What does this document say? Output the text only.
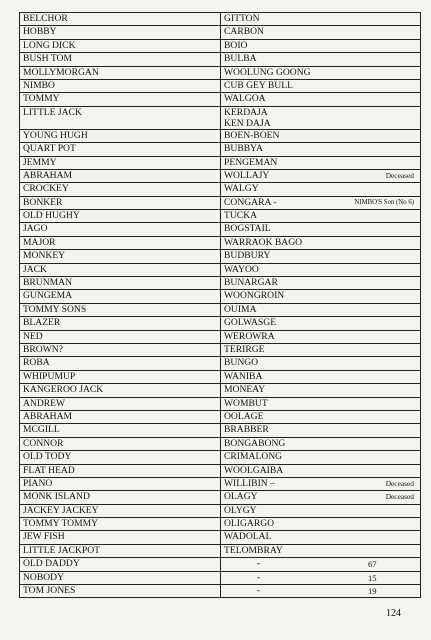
BELCHOR	GITTON

HOBBY	CARBON

LONG DICK	BOIO

BUSH TOM	BULBA

MOLLYMORGAN	WOOLUNG GOONG

NIMBO	CUB GEY BULL

TOMMY	WALGOA

LITTLE JACK	KERDAJA
KEN DAJA

YOUNG HUGH	BOEN-BOEN

QUART POT	BUBBYA

JEMMY	PENGEMAN

ABRAHAM	WOLLAJY Deceased

CROCKEY	WALGY

BONKER	CONGARA - NIMBO'S Son (No 6)

OLD HUGHY	TUCKA

JAGO	BOGSTAIL

MAJOR	WARRAOK BAGO

MONKEY	BUDBURY

JACK	WAYOO

BRUNMAN	BUNARGAR

GUNGEMA	WOONGROIN

TOMMY SONS	OUIMA

BLAZER	GOLWASGE

NED	WEROWRA

BROWN?	TERIRGE

ROBA	BUNGO

WHIPUMUP	WANIBA

KANGEROO JACK	MONEAY

ANDREW	WOMBUT

ABRAHAM	OOLAGE

MCGILL	BRABBER

CONNOR	BONGABONG

OLD TODY	CRIMALONG

FLAT HEAD	WOOLGAIBA

PIANO	WILLIBIN – Deceased

MONK ISLAND	OLAGY Deceased

JACKEY JACKEY	OLYGY

TOMMY TOMMY	OLIGARGO

JEW FISH	WADOLAL

LITTLE JACKPOT	TELOMBRAY

OLD DADDY	- 67

NOBODY	- 15

TOM JONES	- 19
124
